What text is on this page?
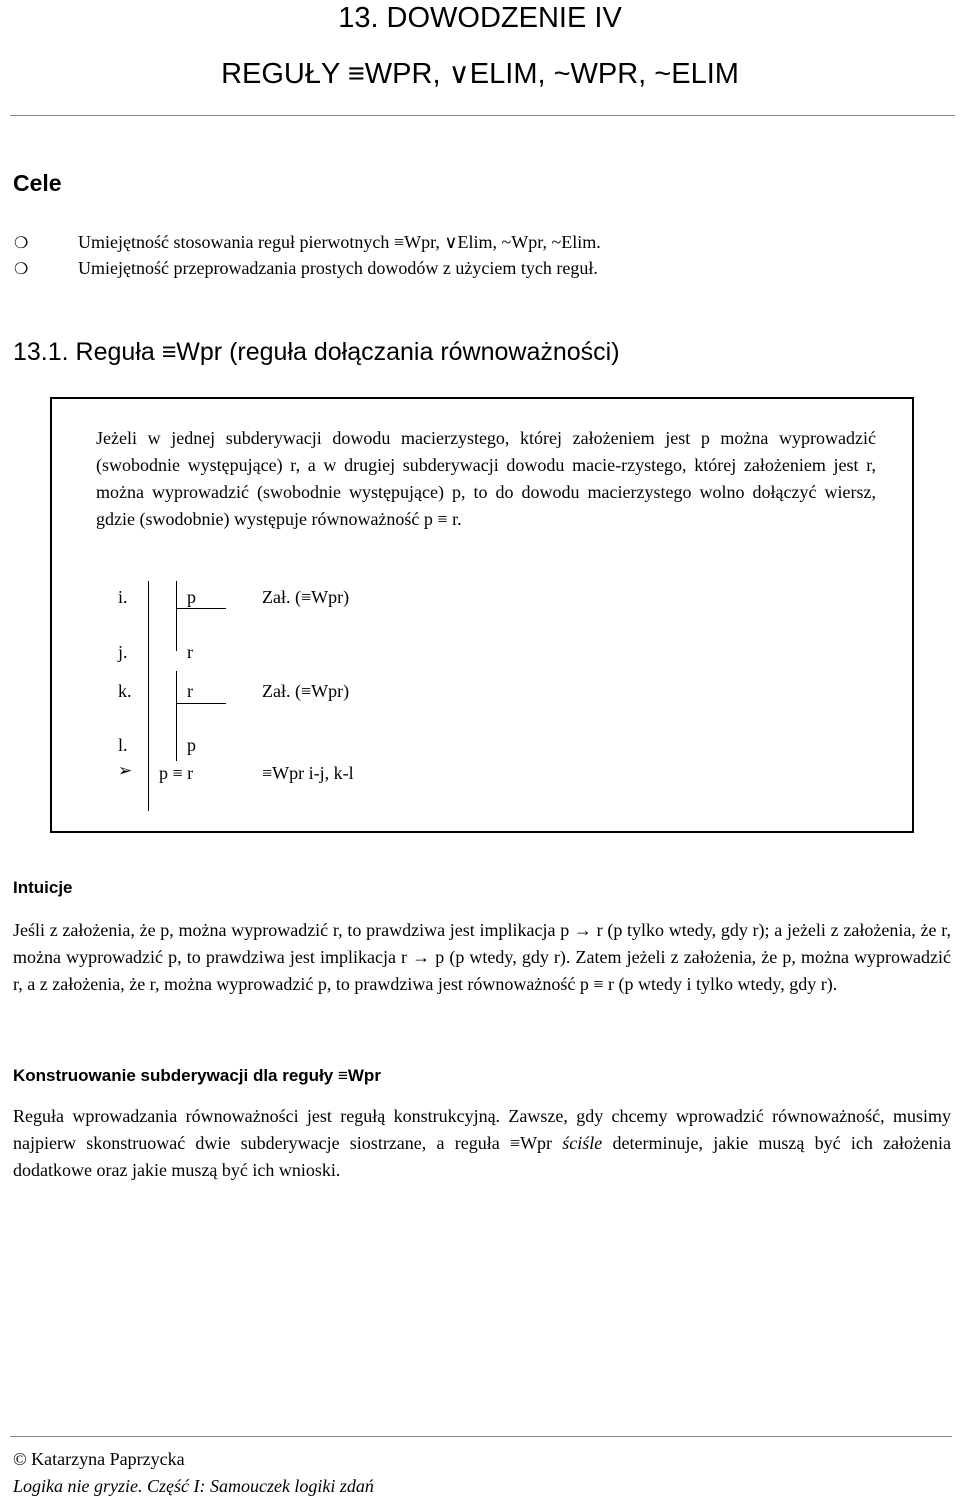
13. DOWODZENIE IV
REGUŁY ≡WPR, ∨ELIM, ~WPR, ~ELIM
Cele
❍	Umiejętność stosowania reguł pierwotnych ≡Wpr, ∨Elim, ~Wpr, ~Elim.
❍	Umiejętność przeprowadzania prostych dowodów z użyciem tych reguł.
13.1. Reguła ≡Wpr (reguła dołączania równoważności)
Jeżeli w jednej subderywacji dowodu macierzystego, której założeniem jest p można wyprowadzić (swobodnie występujące) r, a w drugiej subderywacji dowodu macie-rzystego, której założeniem jest r, można wyprowadzić (swobodnie występujące) p, to do dowodu macierzystego wolno dołączyć wiersz, gdzie (swodobnie) występuje równoważność p ≡ r.
i.	p	Zał. (≡Wpr)
j.	r
k.	r	Zał. (≡Wpr)
l.	p
➢ p ≡ r	≡Wpr i-j, k-l
Intuicje
Jeśli z założenia, że p, można wyprowadzić r, to prawdziwa jest implikacja p → r (p tylko wtedy, gdy r); a jeżeli z założenia, że r, można wyprowadzić p, to prawdziwa jest implikacja r → p (p wtedy, gdy r). Zatem jeżeli z założenia, że p, można wyprowadzić r, a z założenia, że r, można wyprowadzić p, to prawdziwa jest równoważność p ≡ r (p wtedy i tylko wtedy, gdy r).
Konstruowanie subderywacji dla reguły ≡Wpr
Reguła wprowadzania równoważności jest regułą konstrukcyjną. Zawsze, gdy chcemy wprowadzić równoważność, musimy najpierw skonstruować dwie subderywacje siostrzane, a reguła ≡Wpr ściśle determinuje, jakie muszą być ich założenia dodatkowe oraz jakie muszą być ich wnioski.
© Katarzyna Paprzycka
Logika nie gryzie. Część I: Samouczek logiki zdań
